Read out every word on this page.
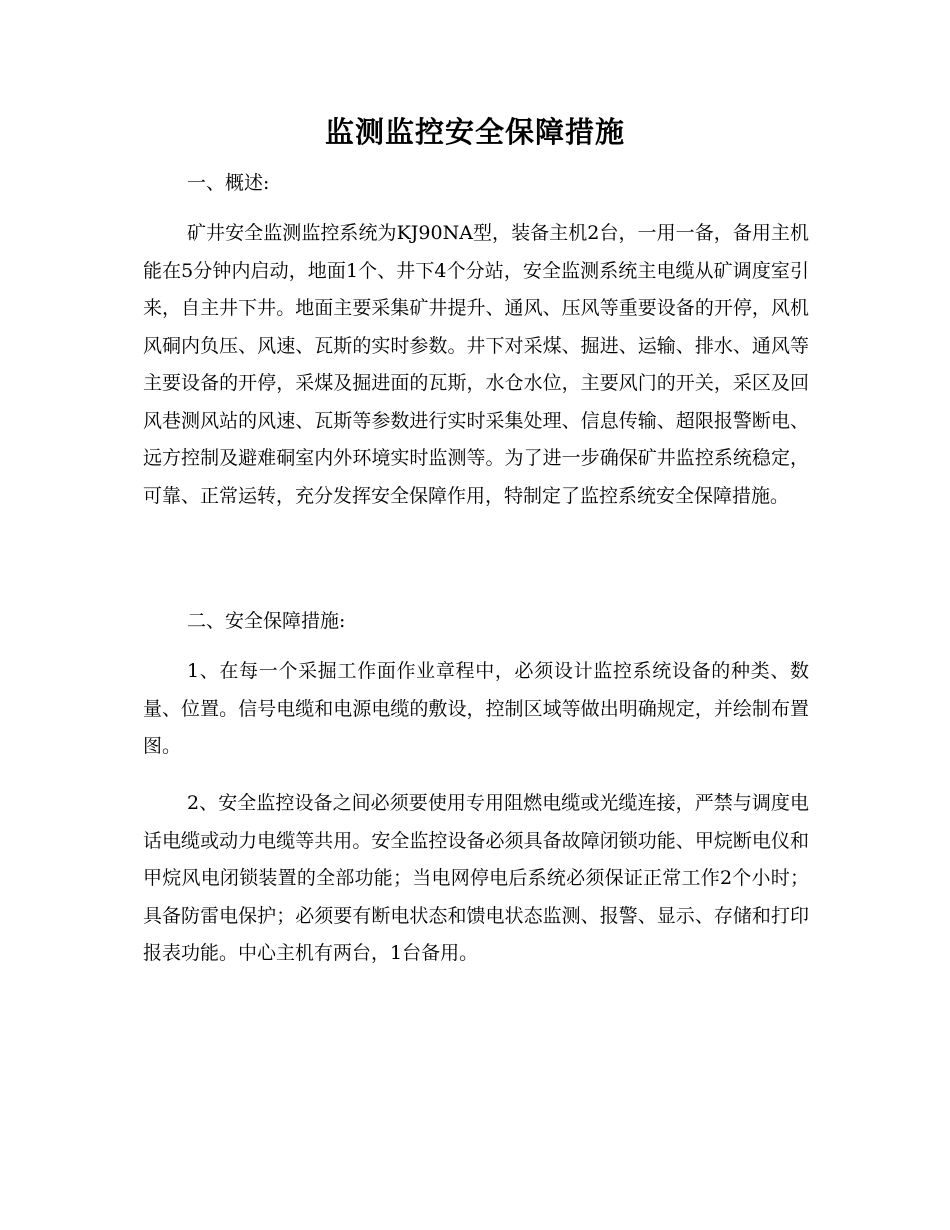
监测监控安全保障措施

一、概述:

矿井安全监测监控系统为KJ90NA型，装备主机2台，一用一备，备用主机能在5分钟内启动，地面1个、井下4个分站，安全监测系统主电缆从矿调度室引来，自主井下井。地面主要采集矿井提升、通风、压风等重要设备的开停，风机风硐内负压、风速、瓦斯的实时参数。井下对采煤、掘进、运输、排水、通风等主要设备的开停，采煤及掘进面的瓦斯，水仓水位，主要风门的开关，采区及回风巷测风站的风速、瓦斯等参数进行实时采集处理、信息传输、超限报警断电、远方控制及避难硐室内外环境实时监测等。为了进一步确保矿井监控系统稳定，可靠、正常运转，充分发挥安全保障作用，特制定了监控系统安全保障措施。

二、安全保障措施:

1、在每一个采掘工作面作业章程中，必须设计监控系统设备的种类、数量、位置。信号电缆和电源电缆的敷设，控制区域等做出明确规定，并绘制布置图。

2、安全监控设备之间必须要使用专用阻燃电缆或光缆连接，严禁与调度电话电缆或动力电缆等共用。安全监控设备必须具备故障闭锁功能、甲烷断电仪和甲烷风电闭锁装置的全部功能；当电网停电后系统必须保证正常工作2个小时；具备防雷电保护；必须要有断电状态和馈电状态监测、报警、显示、存储和打印报表功能。中心主机有两台，1台备用。
